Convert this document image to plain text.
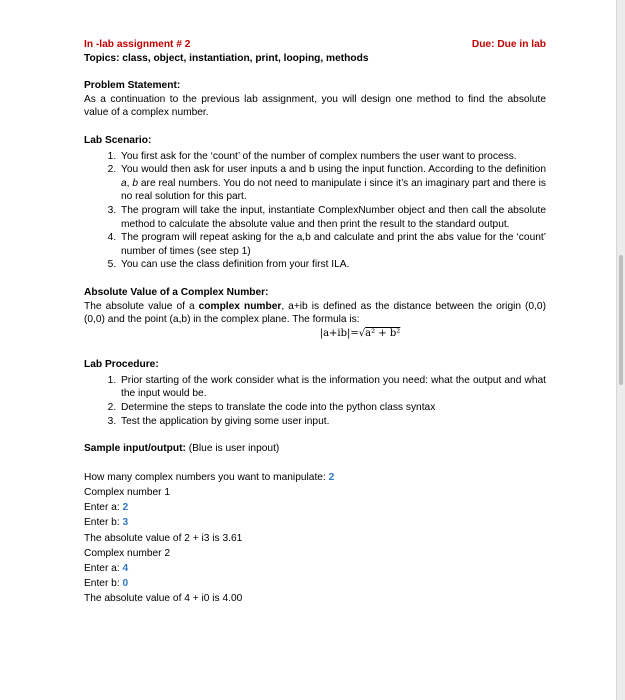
In -lab assignment # 2	Due: Due in lab

Topics: class, object, instantiation, print, looping, methods

Problem Statement:

As a continuation to the previous lab assignment, you will design one method to find the absolute value of a complex number.

Lab Scenario:

1. You first ask for the ‘count’ of the number of complex numbers the user want to process.
2. You would then ask for user inputs a and b using the input function. According to the definition a, b are real numbers. You do not need to manipulate i since it’s an imaginary part and there is no real solution for this part.
3. The program will take the input, instantiate ComplexNumber object and then call the absolute method to calculate the absolute value and then print the result to the standard output.
4. The program will repeat asking for the a,b and calculate and print the abs value for the ‘count’ number of times (see step 1)
5. You can use the class definition from your first ILA.

Absolute Value of a Complex Number:

The absolute value of a complex number, a+ib is defined as the distance between the origin (0,0)(0,0) and the point (a,b) in the complex plane. The formula is:

|a+ib|=√a² + b²

Lab Procedure:

1. Prior starting of the work consider what is the information you need: what the output and what the input would be.
2. Determine the steps to translate the code into the python class syntax
3. Test the application by giving some user input.

Sample input/output: (Blue is user inpout)

How many complex numbers you want to manipulate: 2

Complex number 1

Enter a: 2

Enter b: 3

The absolute value of 2 + i3 is 3.61

Complex number 2

Enter a: 4

Enter b: 0

The absolute value of 4 + i0 is 4.00
